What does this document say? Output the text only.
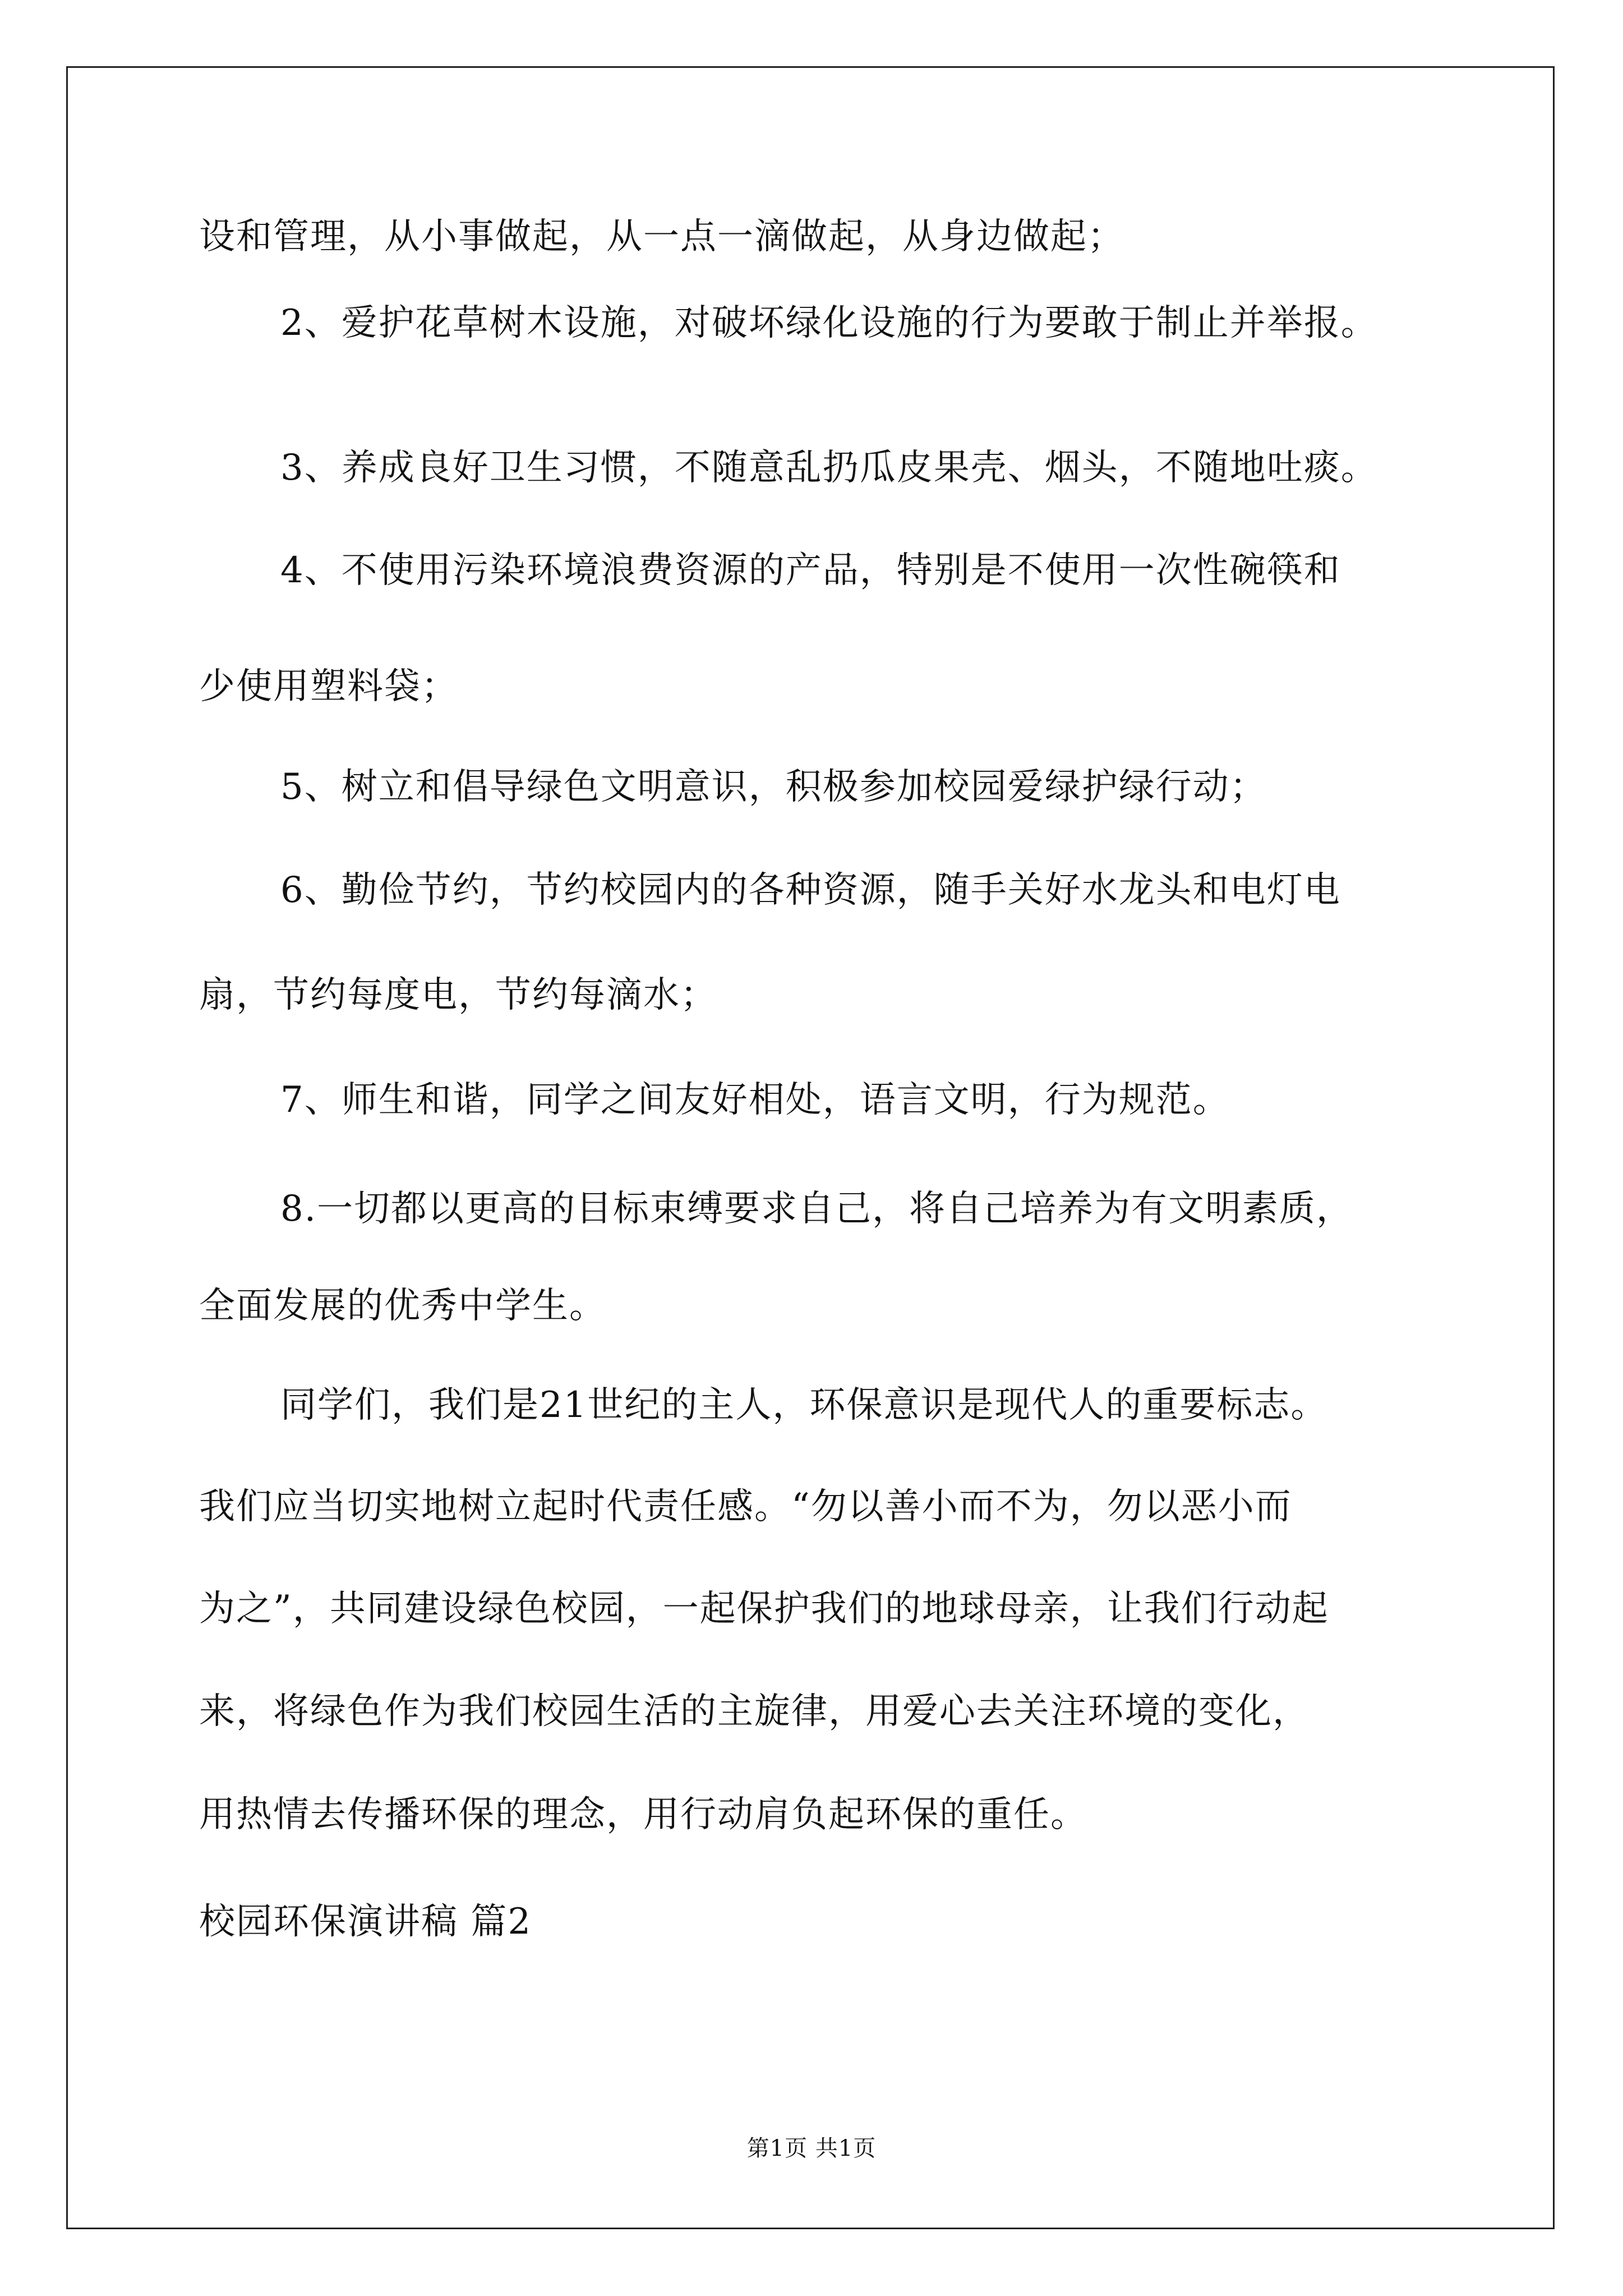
设和管理，从小事做起，从一点一滴做起，从身边做起；
2、爱护花草树木设施，对破坏绿化设施的行为要敢于制止并举报。
3、养成良好卫生习惯，不随意乱扔瓜皮果壳、烟头，不随地吐痰。
4、不使用污染环境浪费资源的产品，特别是不使用一次性碗筷和
少使用塑料袋；
5、树立和倡导绿色文明意识，积极参加校园爱绿护绿行动；
6、勤俭节约，节约校园内的各种资源，随手关好水龙头和电灯电
扇，节约每度电，节约每滴水；
7、师生和谐，同学之间友好相处，语言文明，行为规范。
8.一切都以更高的目标束缚要求自己，将自己培养为有文明素质，
全面发展的优秀中学生。
同学们，我们是21世纪的主人，环保意识是现代人的重要标志。
我们应当切实地树立起时代责任感。“勿以善小而不为，勿以恶小而
为之”，共同建设绿色校园，一起保护我们的地球母亲，让我们行动起
来，将绿色作为我们校园生活的主旋律，用爱心去关注环境的变化，
用热情去传播环保的理念，用行动肩负起环保的重任。
校园环保演讲稿 篇2
第1页 共1页
